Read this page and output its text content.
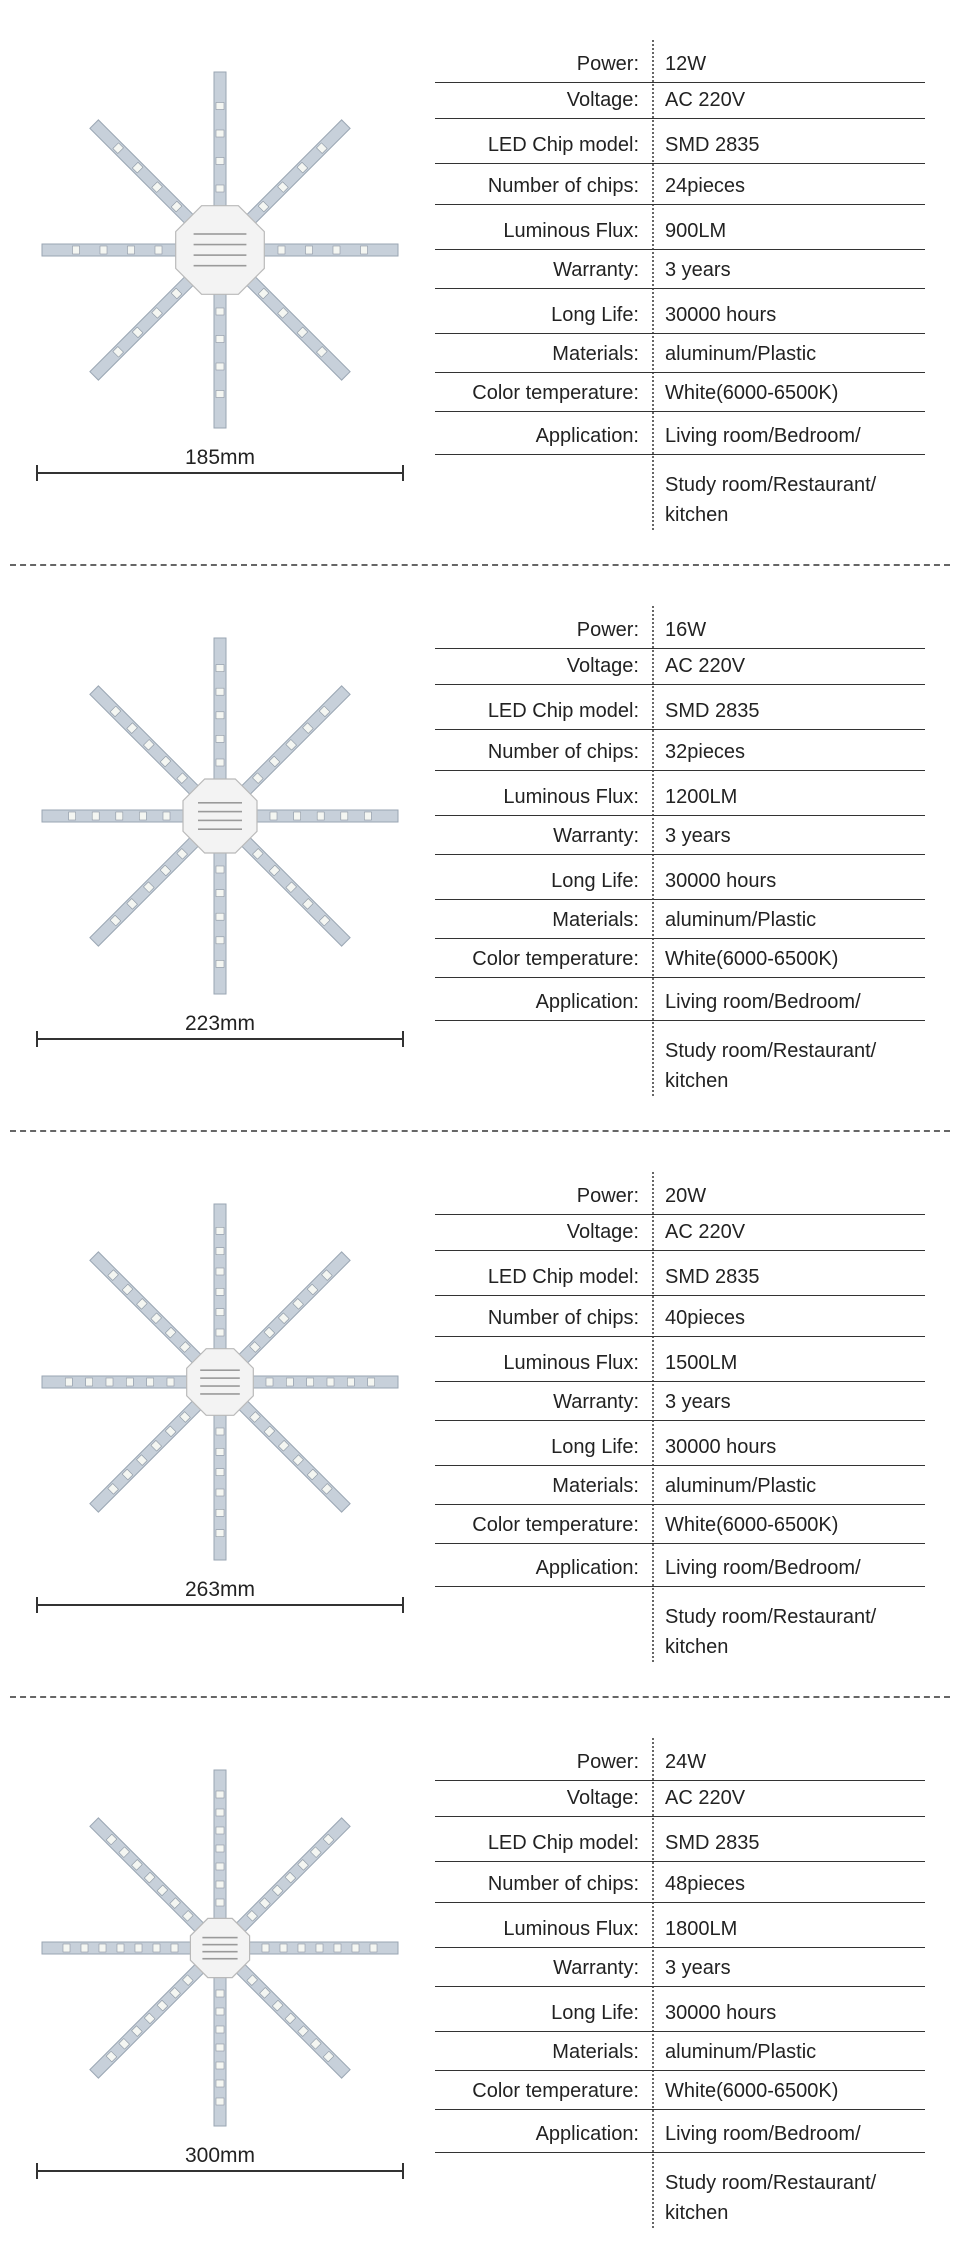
185mm
Power: 12W
Voltage: AC 220V
LED Chip model: SMD 2835
Number of chips: 24pieces
Luminous Flux: 900LM
Warranty: 3 years
Long Life: 30000 hours
Materials: aluminum/Plastic
Color temperature: White(6000-6500K)
Application: Living room/Bedroom/
Study room/Restaurant/
kitchen
223mm
Power: 16W
Voltage: AC 220V
LED Chip model: SMD 2835
Number of chips: 32pieces
Luminous Flux: 1200LM
Warranty: 3 years
Long Life: 30000 hours
Materials: aluminum/Plastic
Color temperature: White(6000-6500K)
Application: Living room/Bedroom/
Study room/Restaurant/
kitchen
263mm
Power: 20W
Voltage: AC 220V
LED Chip model: SMD 2835
Number of chips: 40pieces
Luminous Flux: 1500LM
Warranty: 3 years
Long Life: 30000 hours
Materials: aluminum/Plastic
Color temperature: White(6000-6500K)
Application: Living room/Bedroom/
Study room/Restaurant/
kitchen
300mm
Power: 24W
Voltage: AC 220V
LED Chip model: SMD 2835
Number of chips: 48pieces
Luminous Flux: 1800LM
Warranty: 3 years
Long Life: 30000 hours
Materials: aluminum/Plastic
Color temperature: White(6000-6500K)
Application: Living room/Bedroom/
Study room/Restaurant/
kitchen
